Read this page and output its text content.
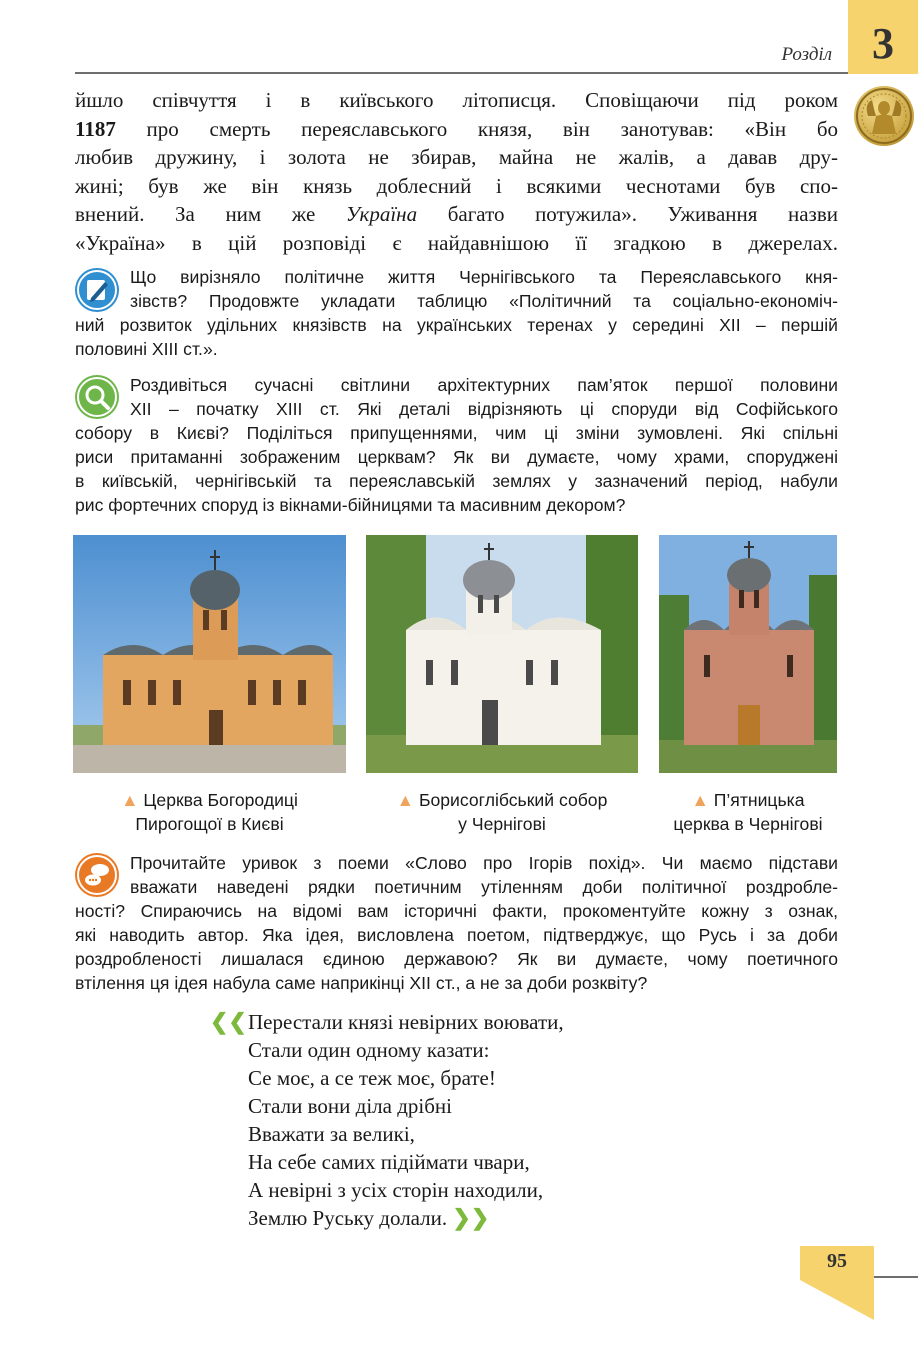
Розділ 3
йшло співчуття і в київського літописця. Сповіщаючи під роком
1187 про смерть переяславського князя, він занотував: «Він бо
любив дружину, і золота не збирав, майна не жалів, а давав дру-
жині; був же він князь доблесний і всякими чеснотами був спо-
внений. За ним же Україна багато потужила». Уживання назви
«Україна» в цій розповіді є найдавнішою її згадкою в джерелах.
Що вирізняло політичне життя Чернігівського та Переяславського кня-
зівств? Продовжте укладати таблицю «Політичний та соціально-економіч-
ний розвиток удільних князівств на українських теренах у середині XII – першій
половині XIII ст.».
Роздивіться сучасні світлини архітектурних пам’яток першої половини
XII – початку XIII ст. Які деталі відрізняють ці споруди від Софійського
собору в Києві? Поділіться припущеннями, чим ці зміни зумовлені. Які спільні
риси притаманні зображеним церквам? Як ви думаєте, чому храми, споруджені
в київській, чернігівській та переяславській землях у зазначений період, набули
рис фортечних споруд із вікнами-бійницями та масивним декором?
▲ Церква Богородиці
Пирогощої в Києві
▲ Борисоглібський собор
у Чернігові
▲ П’ятницька
церква в Чернігові
Прочитайте уривок з поеми «Слово про Ігорів похід». Чи маємо підстави
вважати наведені рядки поетичним утіленням доби політичної роздробле-
ності? Спираючись на відомі вам історичні факти, прокоментуйте кожну з ознак,
які наводить автор. Яка ідея, висловлена поетом, підтверджує, що Русь і за доби
роздробленості лишалася єдиною державою? Як ви думаєте, чому поетичного
втілення ця ідея набула саме наприкінці XII ст., а не за доби розквіту?
❮❮ Перестали князі невірних воювати,
Стали один одному казати:
Се моє, а се теж моє, брате!
Стали вони діла дрібні
Вважати за великі,
На себе самих підіймати чвари,
А невірні з усіх сторін находили,
Землю Руську долали. ❯❯
95
